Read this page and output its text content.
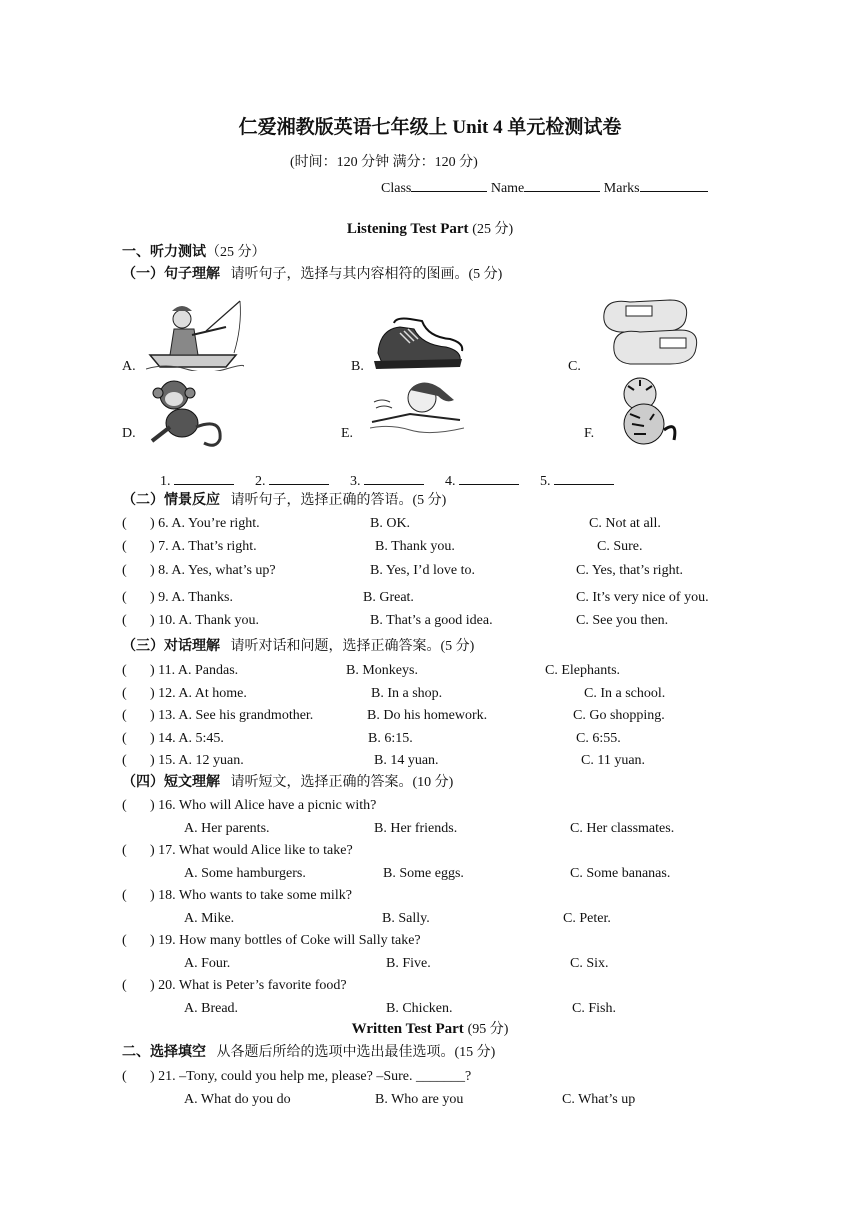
仁爱湘教版英语七年级上 Unit 4 单元检测试卷
(时间：120 分钟 满分：120 分)
Class	Name	Marks
Listening Test Part (25 分)
一、听力测试（25 分）
（一）句子理解 请听句子，选择与其内容相符的图画。(5 分)
A.	B.	C.
D.	E.	F.
1.	2.	3.	4.	5.
（二）情景反应 请听句子，选择正确的答语。(5 分)
( ) 6. A. You’re right.	B. OK.	C. Not at all.
( ) 7. A. That’s right.	B. Thank you.	C. Sure.
( ) 8. A. Yes, what’s up?	B. Yes, I’d love to.	C. Yes, that’s right.
( ) 9. A. Thanks.	B. Great.	C. It’s very nice of you.
( ) 10. A. Thank you.	B. That’s a good idea.	C. See you then.
（三）对话理解 请听对话和问题，选择正确答案。(5 分)
( ) 11. A. Pandas.	B. Monkeys.	C. Elephants.
( ) 12. A. At home.	B. In a shop.	C. In a school.
( ) 13. A. See his grandmother.	B. Do his homework.	C. Go shopping.
( ) 14. A. 5:45.	B. 6:15.	C. 6:55.
( ) 15. A. 12 yuan.	B. 14 yuan.	C. 11 yuan.
（四）短文理解 请听短文，选择正确的答案。(10 分)
( ) 16. Who will Alice have a picnic with?
A. Her parents.	B. Her friends.	C. Her classmates.
( ) 17. What would Alice like to take?
A. Some hamburgers.	B. Some eggs.	C. Some bananas.
( ) 18. Who wants to take some milk?
A. Mike.	B. Sally.	C. Peter.
( ) 19. How many bottles of Coke will Sally take?
A. Four.	B. Five.	C. Six.
( ) 20. What is Peter’s favorite food?
A. Bread.	B. Chicken.	C. Fish.
Written Test Part (95 分)
二、选择填空 从各题后所给的选项中选出最佳选项。(15 分)
( ) 21. –Tony, could you help me, please? –Sure. _______?
A. What do you do	B. Who are you	C. What’s up
